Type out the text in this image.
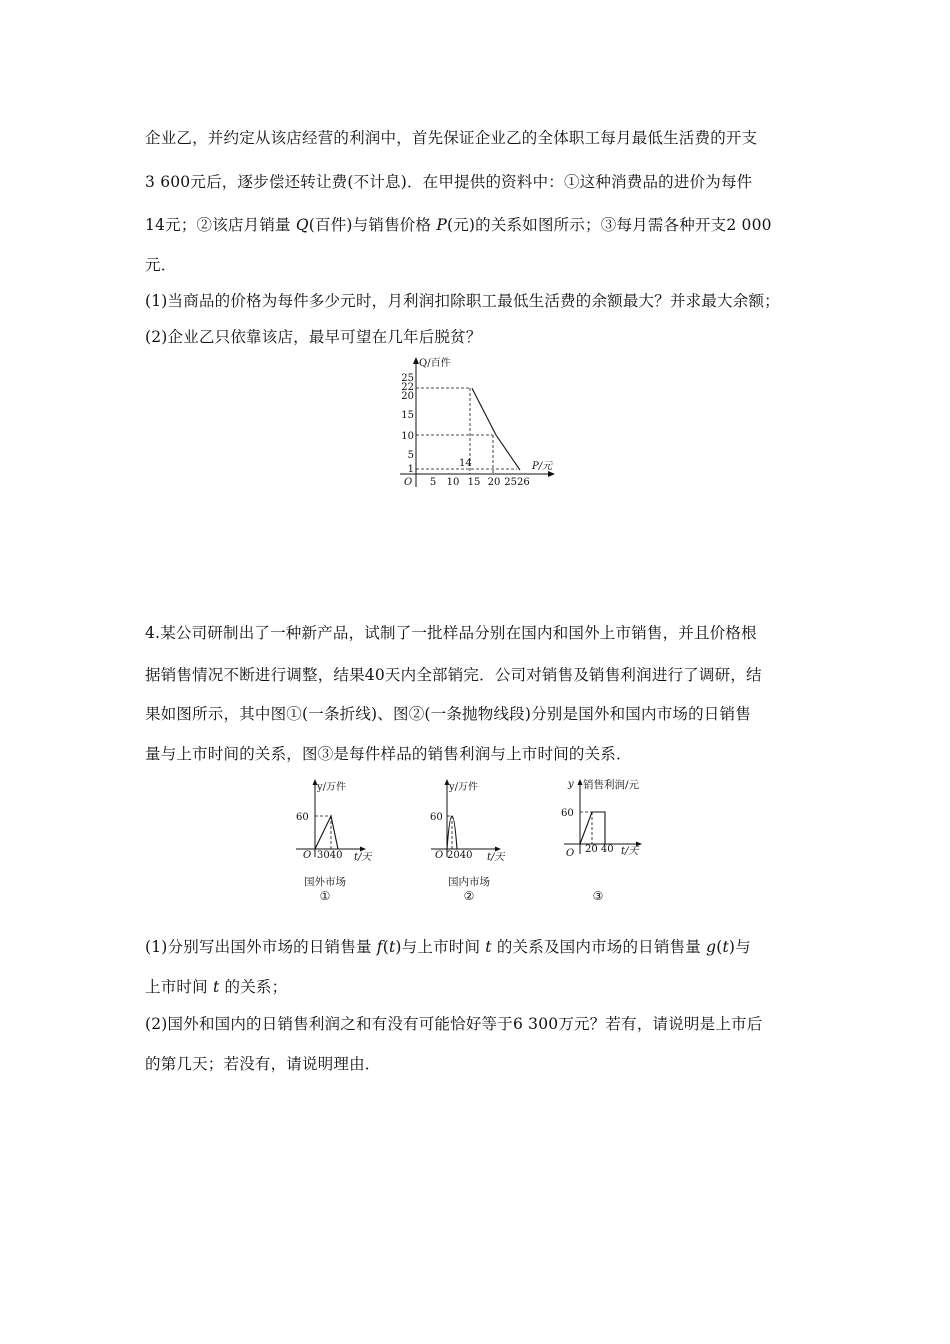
企业乙，并约定从该店经营的利润中，首先保证企业乙的全体职工每月最低生活费的开支
3 600元后，逐步偿还转让费(不计息)．在甲提供的资料中：①这种消费品的进价为每件
14元；②该店月销量 Q(百件)与销售价格 P(元)的关系如图所示；③每月需各种开支2 000
元．
(1)当商品的价格为每件多少元时，月利润扣除职工最低生活费的余额最大？并求最大余额；
(2)企业乙只依靠该店，最早可望在几年后脱贫？
Q/百件
P/元
O
14
25
22
20
15
10
5
1
5 10 15 20 2526
4.某公司研制出了一种新产品，试制了一批样品分别在国内和国外上市销售，并且价格根
据销售情况不断进行调整，结果40天内全部销完．公司对销售及销售利润进行了调研，结
果如图所示，其中图①(一条折线)、图②(一条抛物线段)分别是国外和国内市场的日销售
量与上市时间的关系，图③是每件样品的销售利润与上市时间的关系．
y/万件
60
O 3040 t/天
国外市场
①
y/万件
60
O 2040 t/天
国内市场
②
y 销售利润/元
60
O 20 40 t/天
③
(1)分别写出国外市场的日销售量 f(t)与上市时间 t 的关系及国内市场的日销售量 g(t)与
上市时间 t 的关系；
(2)国外和国内的日销售利润之和有没有可能恰好等于6 300万元？若有，请说明是上市后
的第几天；若没有，请说明理由．
